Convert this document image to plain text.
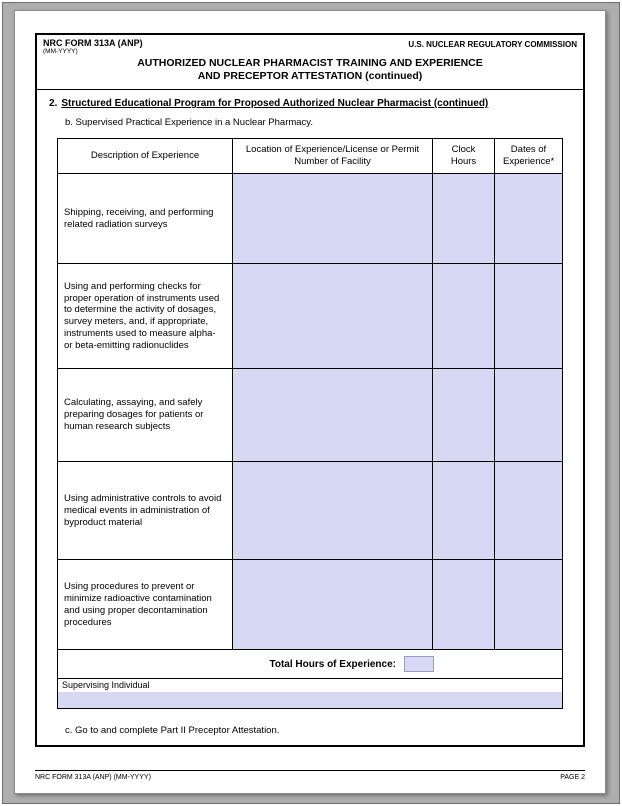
NRC FORM 313A (ANP)
(MM-YYYY)
U.S. NUCLEAR REGULATORY COMMISSION
AUTHORIZED NUCLEAR PHARMACIST TRAINING AND EXPERIENCE
AND PRECEPTOR ATTESTATION (continued)
2. Structured Educational Program for Proposed Authorized Nuclear Pharmacist (continued)
b. Supervised Practical Experience in a Nuclear Pharmacy.
Description of Experience	Location of Experience/License or Permit Number of Facility	Clock Hours	Dates of Experience*
Shipping, receiving, and performing related radiation surveys			
Using and performing checks for proper operation of instruments used to determine the activity of dosages, survey meters, and, if appropriate, instruments used to measure alpha- or beta-emitting radionuclides			
Calculating, assaying, and safely preparing dosages for patients or human research subjects			
Using administrative controls to avoid medical events in administration of byproduct material			
Using procedures to prevent or minimize radioactive contamination and using proper decontamination procedures			

Total Hours of Experience:			

Supervising Individual			
c. Go to and complete Part II Preceptor Attestation.
NRC FORM 313A (ANP) (MM-YYYY)	PAGE 2
